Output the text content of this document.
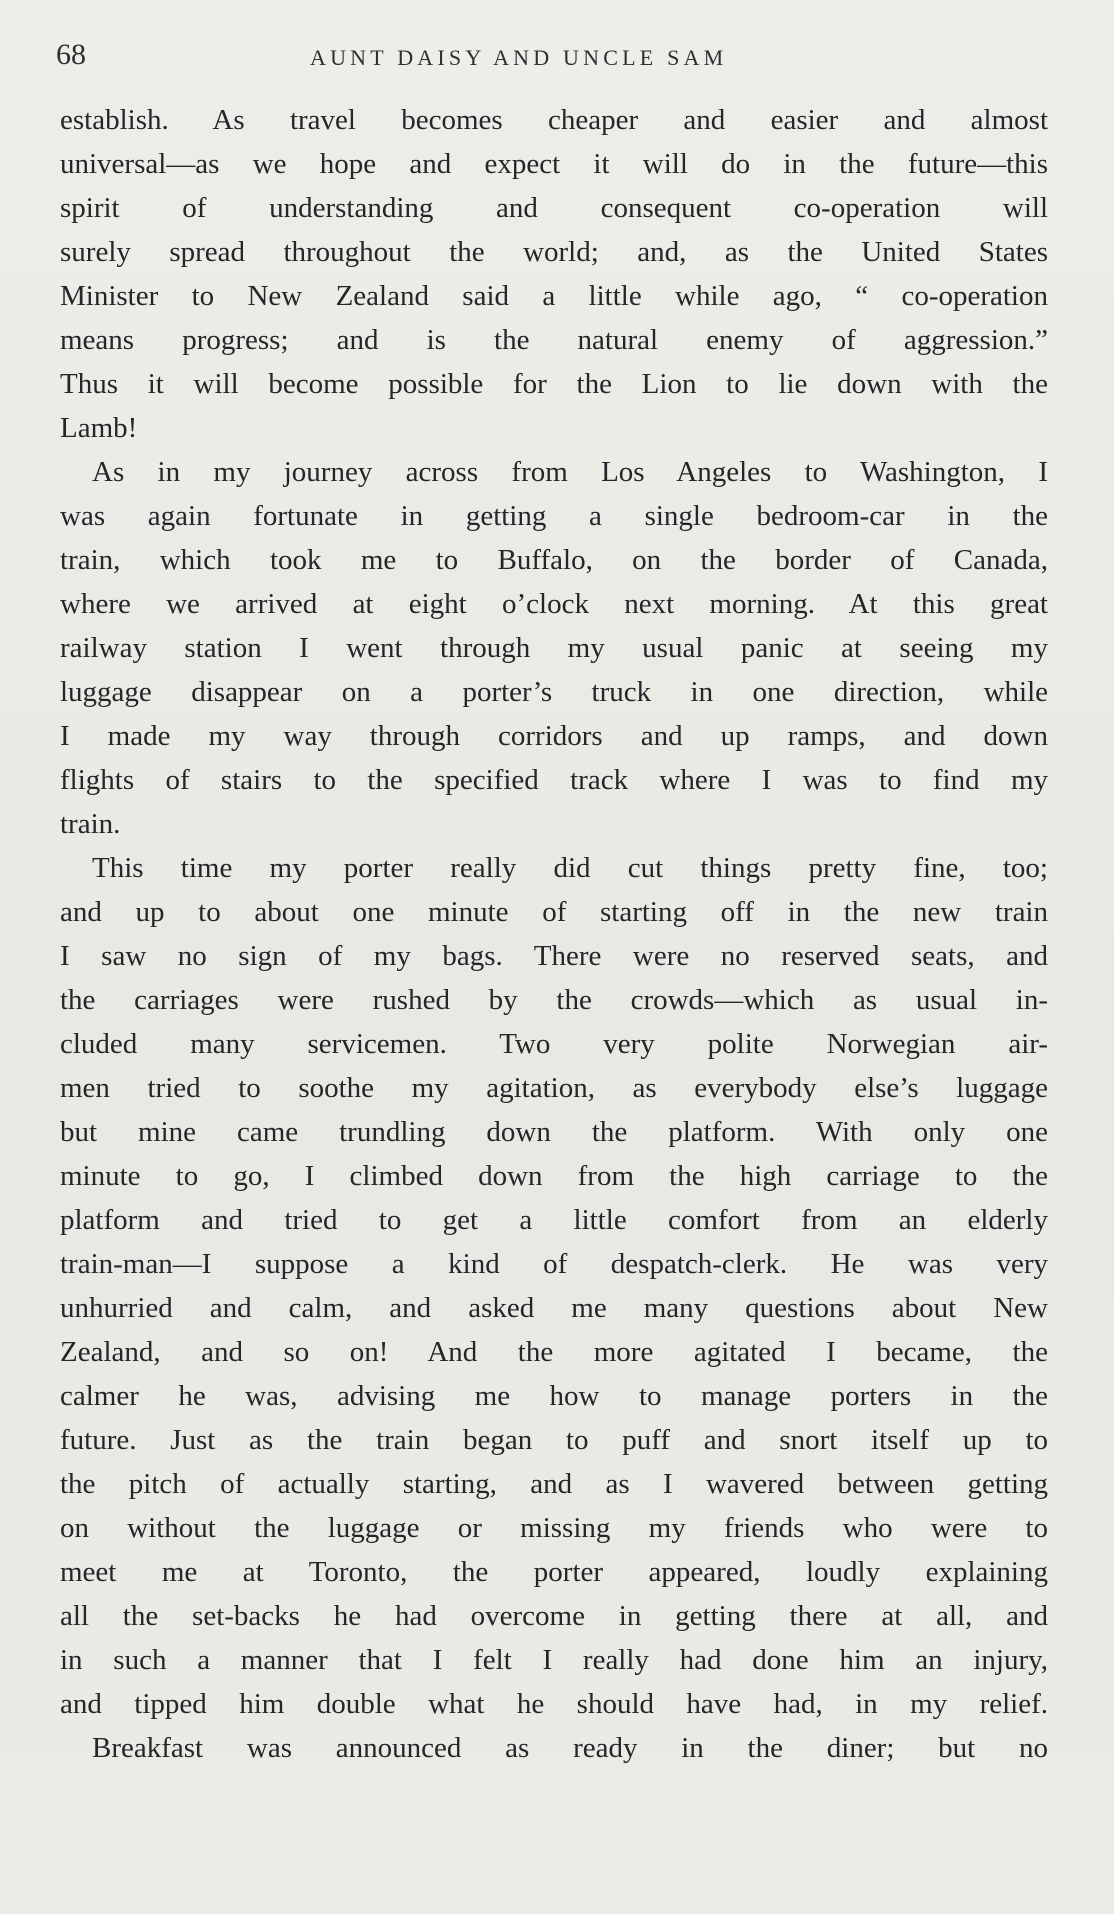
68	AUNT DAISY AND UNCLE SAM
establish. As travel becomes cheaper and easier and almost
universal—as we hope and expect it will do in the future—this
spirit of understanding and consequent co-operation will
surely spread throughout the world; and, as the United States
Minister to New Zealand said a little while ago, “ co-operation
means progress; and is the natural enemy of aggression.”
Thus it will become possible for the Lion to lie down with the
Lamb!
As in my journey across from Los Angeles to Washington, I
was again fortunate in getting a single bedroom-car in the
train, which took me to Buffalo, on the border of Canada,
where we arrived at eight o’clock next morning. At this great
railway station I went through my usual panic at seeing my
luggage disappear on a porter’s truck in one direction, while
I made my way through corridors and up ramps, and down
flights of stairs to the specified track where I was to find my
train.
This time my porter really did cut things pretty fine, too;
and up to about one minute of starting off in the new train
I saw no sign of my bags. There were no reserved seats, and
the carriages were rushed by the crowds—which as usual in-
cluded many servicemen. Two very polite Norwegian air-
men tried to soothe my agitation, as everybody else’s luggage
but mine came trundling down the platform. With only one
minute to go, I climbed down from the high carriage to the
platform and tried to get a little comfort from an elderly
train-man—I suppose a kind of despatch-clerk. He was very
unhurried and calm, and asked me many questions about New
Zealand, and so on! And the more agitated I became, the
calmer he was, advising me how to manage porters in the
future. Just as the train began to puff and snort itself up to
the pitch of actually starting, and as I wavered between getting
on without the luggage or missing my friends who were to
meet me at Toronto, the porter appeared, loudly explaining
all the set-backs he had overcome in getting there at all, and
in such a manner that I felt I really had done him an injury,
and tipped him double what he should have had, in my relief.
Breakfast was announced as ready in the diner; but no
